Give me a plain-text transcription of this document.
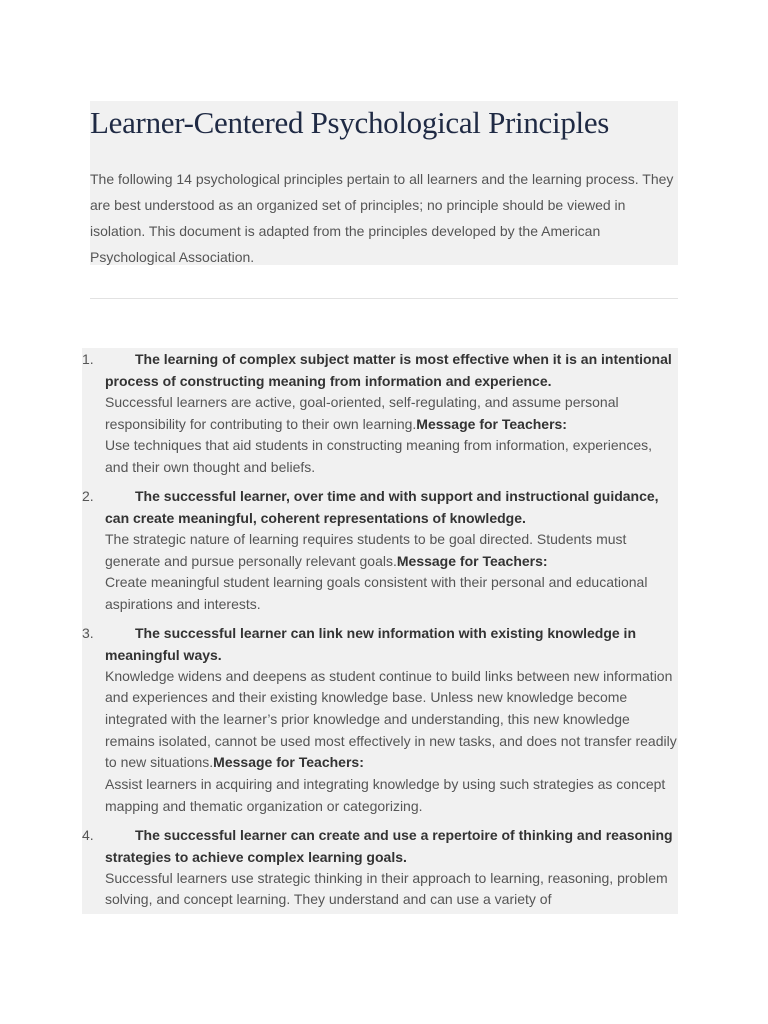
Learner-Centered Psychological Principles

The following 14 psychological principles pertain to all learners and the learning process. They are best understood as an organized set of principles; no principle should be viewed in isolation. This document is adapted from the principles developed by the American Psychological Association.

1.	The learning of complex subject matter is most effective when it is an intentional process of constructing meaning from information and experience.
Successful learners are active, goal-oriented, self-regulating, and assume personal responsibility for contributing to their own learning.Message for Teachers:
Use techniques that aid students in constructing meaning from information, experiences, and their own thought and beliefs.
2.	The successful learner, over time and with support and instructional guidance, can create meaningful, coherent representations of knowledge.
The strategic nature of learning requires students to be goal directed. Students must generate and pursue personally relevant goals.Message for Teachers:
Create meaningful student learning goals consistent with their personal and educational aspirations and interests.
3.	The successful learner can link new information with existing knowledge in meaningful ways.
Knowledge widens and deepens as student continue to build links between new information and experiences and their existing knowledge base. Unless new knowledge become integrated with the learner’s prior knowledge and understanding, this new knowledge remains isolated, cannot be used most effectively in new tasks, and does not transfer readily to new situations.Message for Teachers:
Assist learners in acquiring and integrating knowledge by using such strategies as concept mapping and thematic organization or categorizing.
4.	The successful learner can create and use a repertoire of thinking and reasoning strategies to achieve complex learning goals.
Successful learners use strategic thinking in their approach to learning, reasoning, problem solving, and concept learning. They understand and can use a variety of
